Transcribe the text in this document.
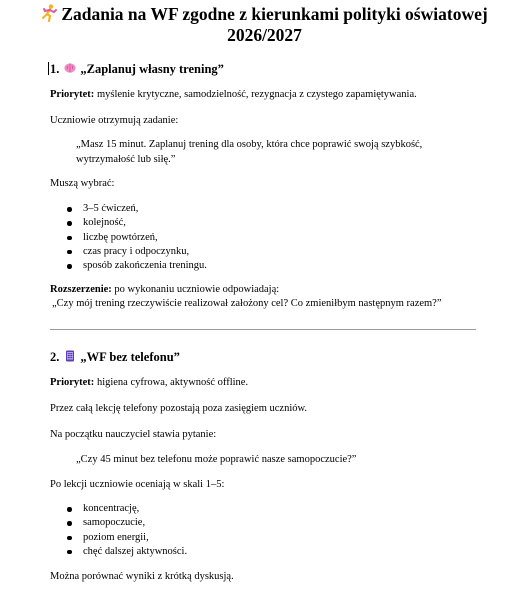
Zadania na WF zgodne z kierunkami polityki oświatowej
2026/2027
1. „Zaplanuj własny trening”
Priorytet: myślenie krytyczne, samodzielność, rezygnacja z czystego zapamiętywania.
Uczniowie otrzymują zadanie:
„Masz 15 minut. Zaplanuj trening dla osoby, która chce poprawić swoją szybkość,
wytrzymałość lub siłę.”
Muszą wybrać:
3–5 ćwiczeń,
kolejność,
liczbę powtórzeń,
czas pracy i odpoczynku,
sposób zakończenia treningu.
Rozszerzenie: po wykonaniu uczniowie odpowiadają:
„Czy mój trening rzeczywiście realizował założony cel? Co zmieniłbym następnym razem?”
2. „WF bez telefonu”
Priorytet: higiena cyfrowa, aktywność offline.
Przez całą lekcję telefony pozostają poza zasięgiem uczniów.
Na początku nauczyciel stawia pytanie:
„Czy 45 minut bez telefonu może poprawić nasze samopoczucie?”
Po lekcji uczniowie oceniają w skali 1–5:
koncentrację,
samopoczucie,
poziom energii,
chęć dalszej aktywności.
Można porównać wyniki z krótką dyskusją.
